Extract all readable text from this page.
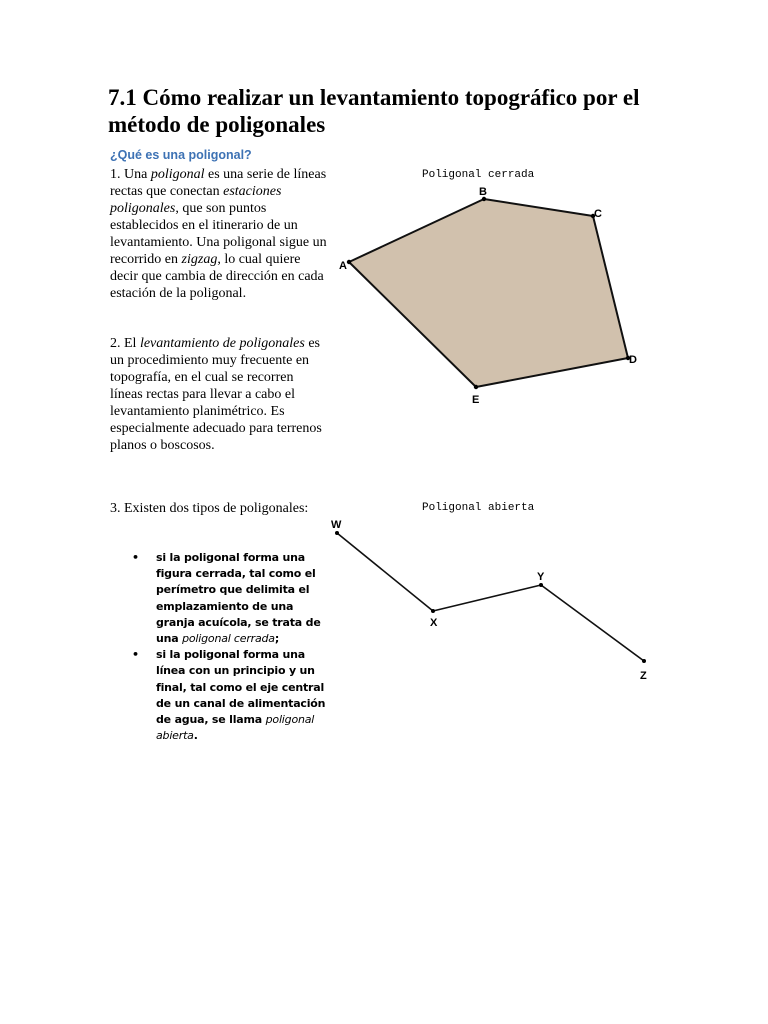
7.1 Cómo realizar un levantamiento topográfico por el método de poligonales
¿Qué es una poligonal?

1. Una poligonal es una serie de líneas rectas que conectan estaciones poligonales, que son puntos establecidos en el itinerario de un levantamiento. Una poligonal sigue un recorrido en zigzag, lo cual quiere decir que cambia de dirección en cada estación de la poligonal.

2. El levantamiento de poligonales es un procedimiento muy frecuente en topografía, en el cual se recorren líneas rectas para llevar a cabo el levantamiento planimétrico. Es especialmente adecuado para terrenos planos o boscosos.

3. Existen dos tipos de poligonales:

• si la poligonal forma una figura cerrada, tal como el perímetro que delimita el emplazamiento de una granja acuícola, se trata de una poligonal cerrada;
• si la poligonal forma una línea con un principio y un final, tal como el eje central de un canal de alimentación de agua, se llama poligonal abierta.
Poligonal cerrada
A
B
C
D
E
Poligonal abierta
W
X
Y
Z
